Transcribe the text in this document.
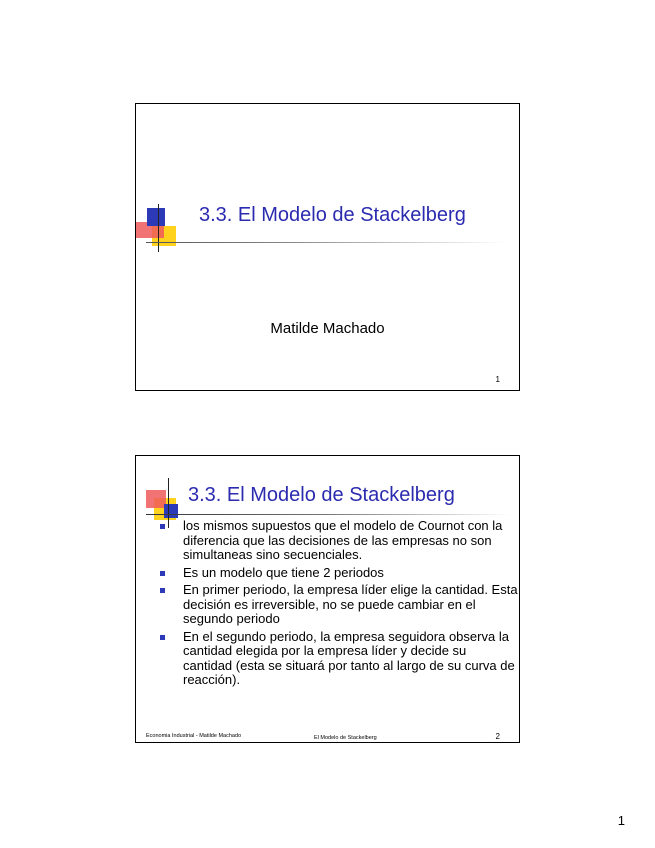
3.3. El Modelo de Stackelberg
Matilde Machado
1
3.3. El Modelo de Stackelberg
los mismos supuestos que el modelo de Cournot con la diferencia que las decisiones de las empresas no son simultaneas sino secuenciales.
Es un modelo que tiene 2 periodos
En primer periodo, la empresa líder elige la cantidad. Esta decisión es irreversible, no se puede cambiar en el segundo periodo
En el segundo periodo, la empresa seguidora observa la cantidad elegida por la empresa líder y decide su cantidad (esta se situará por tanto al largo de su curva de reacción).
Economia Industrial - Matilde Machado	El Modelo de Stackelberg	2
1
